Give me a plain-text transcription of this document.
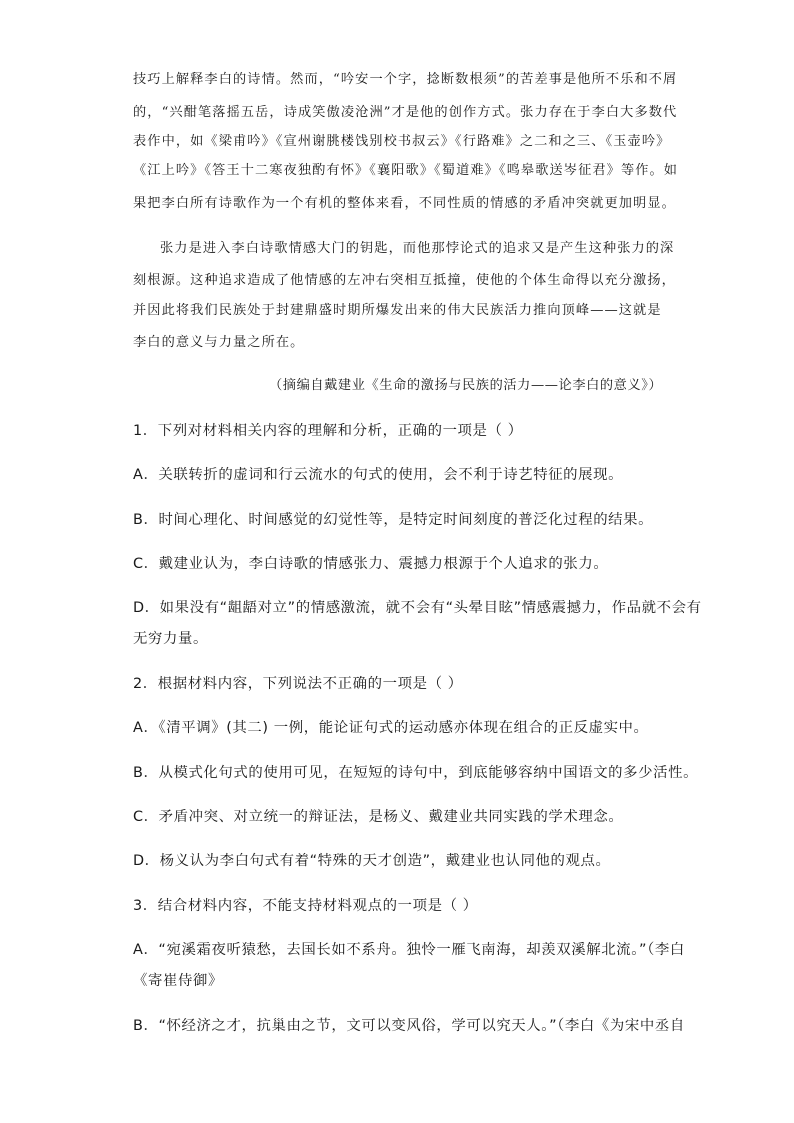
技巧上解释李白的诗情。然而，“吟安一个字，捻断数根须”的苦差事是他所不乐和不屑
的，“兴酣笔落摇五岳，诗成笑傲凌沧洲”才是他的创作方式。张力存在于李白大多数代
表作中，如《梁甫吟》《宣州谢朓楼饯别校书叔云》《行路难》之二和之三、《玉壶吟》
《江上吟》《答王十二寒夜独酌有怀》《襄阳歌》《蜀道难》《鸣皋歌送岑征君》等作。如
果把李白所有诗歌作为一个有机的整体来看，不同性质的情感的矛盾冲突就更加明显。
张力是进入李白诗歌情感大门的钥匙，而他那悖论式的追求又是产生这种张力的深
刻根源。这种追求造成了他情感的左冲右突相互抵撞，使他的个体生命得以充分激扬，
并因此将我们民族处于封建鼎盛时期所爆发出来的伟大民族活力推向顶峰——这就是
李白的意义与力量之所在。
（摘编自戴建业《生命的激扬与民族的活力——论李白的意义》）
1．下列对材料相关内容的理解和分析，正确的一项是（ ）
A．关联转折的虚词和行云流水的句式的使用，会不利于诗艺特征的展现。
B．时间心理化、时间感觉的幻觉性等，是特定时间刻度的普泛化过程的结果。
C．戴建业认为，李白诗歌的情感张力、震撼力根源于个人追求的张力。
D．如果没有“龃龉对立”的情感激流，就不会有“头晕目眩”情感震撼力，作品就不会有
无穷力量。
2．根据材料内容，下列说法不正确的一项是（ ）
A．《清平调》(其二) 一例，能论证句式的运动感亦体现在组合的正反虚实中。
B．从模式化句式的使用可见，在短短的诗句中，到底能够容纳中国语文的多少活性。
C．矛盾冲突、对立统一的辩证法，是杨义、戴建业共同实践的学术理念。
D．杨义认为李白句式有着“特殊的天才创造”，戴建业也认同他的观点。
3．结合材料内容，不能支持材料观点的一项是（ ）
A．“宛溪霜夜听猿愁，去国长如不系舟。独怜一雁飞南海，却羡双溪解北流。”（李白
《寄崔侍御》
B．“怀经济之才，抗巢由之节，文可以变风俗，学可以究天人。”（李白《为宋中丞自
